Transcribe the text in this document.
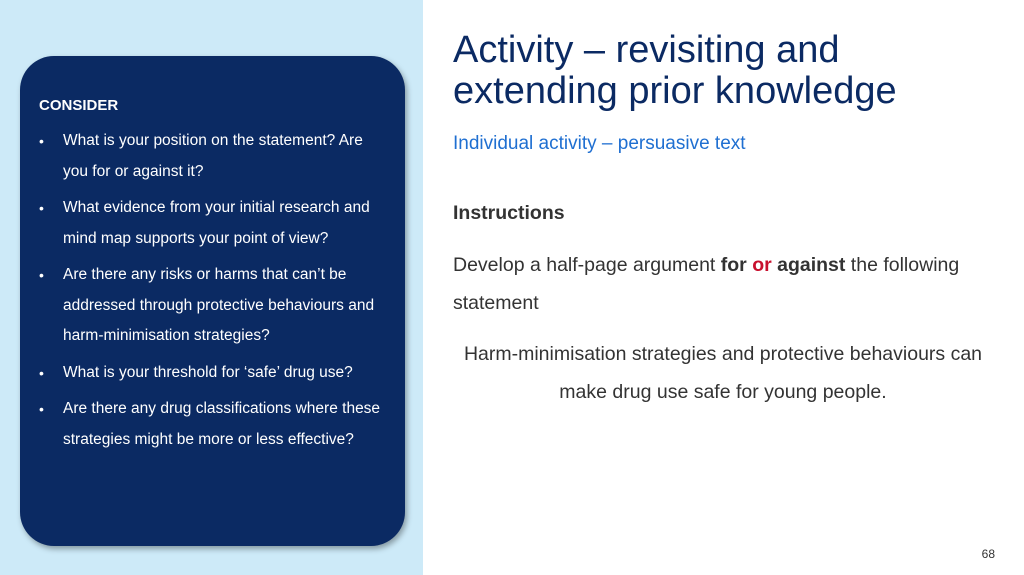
CONSIDER
• What is your position on the statement? Are you for or against it?
• What evidence from your initial research and mind map supports your point of view?
• Are there any risks or harms that can’t be addressed through protective behaviours and harm-minimisation strategies?
• What is your threshold for ‘safe’ drug use?
• Are there any drug classifications where these strategies might be more or less effective?
Activity – revisiting and extending prior knowledge
Individual activity – persuasive text
Instructions

Develop a half-page argument for or against the following statement

Harm-minimisation strategies and protective behaviours can make drug use safe for young people.

68
